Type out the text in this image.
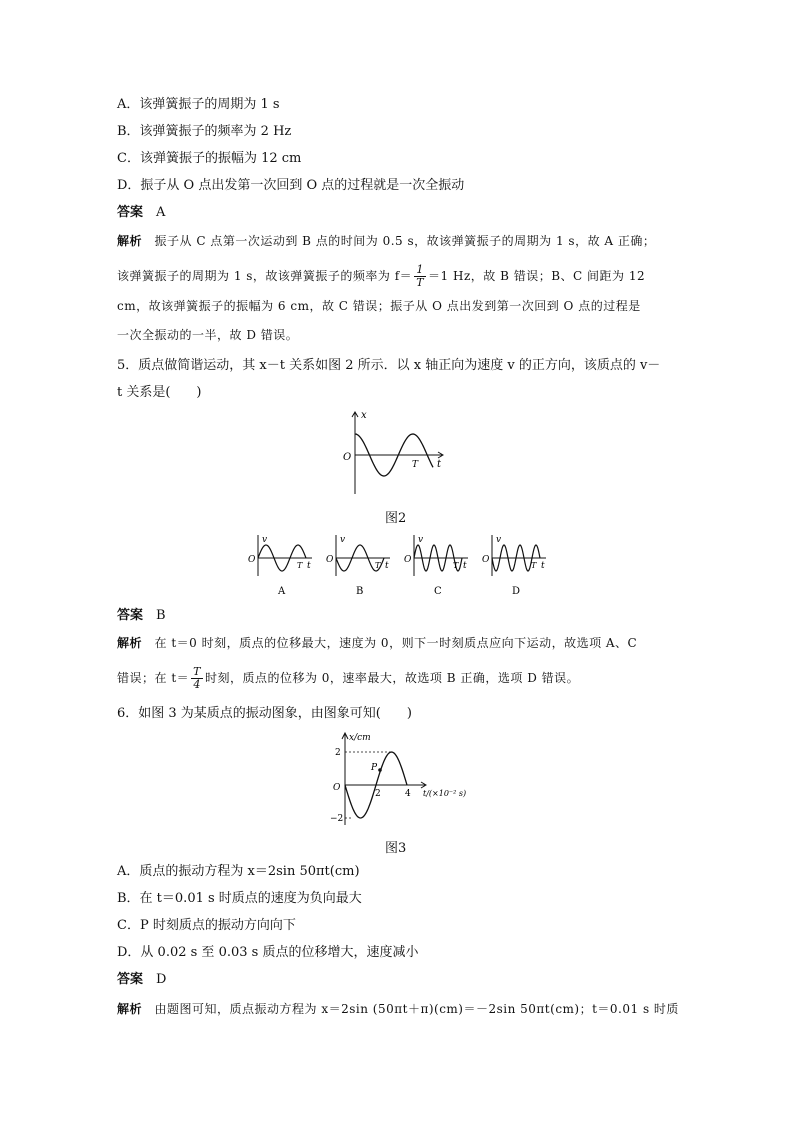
A．该弹簧振子的周期为 1 s
B．该弹簧振子的频率为 2 Hz
C．该弹簧振子的振幅为 12 cm
D．振子从 O 点出发第一次回到 O 点的过程就是一次全振动
答案　 A
解析　 振子从 C 点第一次运动到 B 点的时间为 0.5 s，故该弹簧振子的周期为 1 s，故 A 正确；
该弹簧振子的周期为 1 s，故该弹簧振子的频率为 $f= \frac{1}{T} =1$ Hz，故 B 错误；B、C 间距为 12
cm，故该弹簧振子的振幅为 6 cm，故 C 错误；振子从 O 点出发到第一次回到 O 点的过程是
一次全振动的一半，故 D 错误。
5．质点做简谐运动，其 x－t 关系如图 2 所示．以 x 轴正向为速度 v 的正方向，该质点的 v－
t 关系是(　　)
x
O
T t
图2
v
O
T t
A
v
O
T t
B
v
O
T t
C
v
O
T t
D
答案　 B
解析　 在 t＝0 时刻，质点的位移最大，速度为 0，则下一时刻质点应向下运动，故选项 A、C
错误；在 $t= \frac{T}{4}$ 时刻，质点的位移为 0，速率最大，故选项 B 正确，选项 D 错误。
6．如图 3 为某质点的振动图象，由图象可知(　　)
x/cm
2
−2
O
P
2	4 t/(×10⁻² s)
图3
A．质点的振动方程为 x＝2sin 50πt(cm)
B．在 t＝0.01 s 时质点的速度为负向最大
C．P 时刻质点的振动方向向下
D．从 0.02 s 至 0.03 s 质点的位移增大，速度减小
答案　 D
解析　 由题图可知，质点振动方程为 x＝2sin (50πt＋π)(cm)＝－2sin 50πt(cm)；t＝0.01 s 时质
